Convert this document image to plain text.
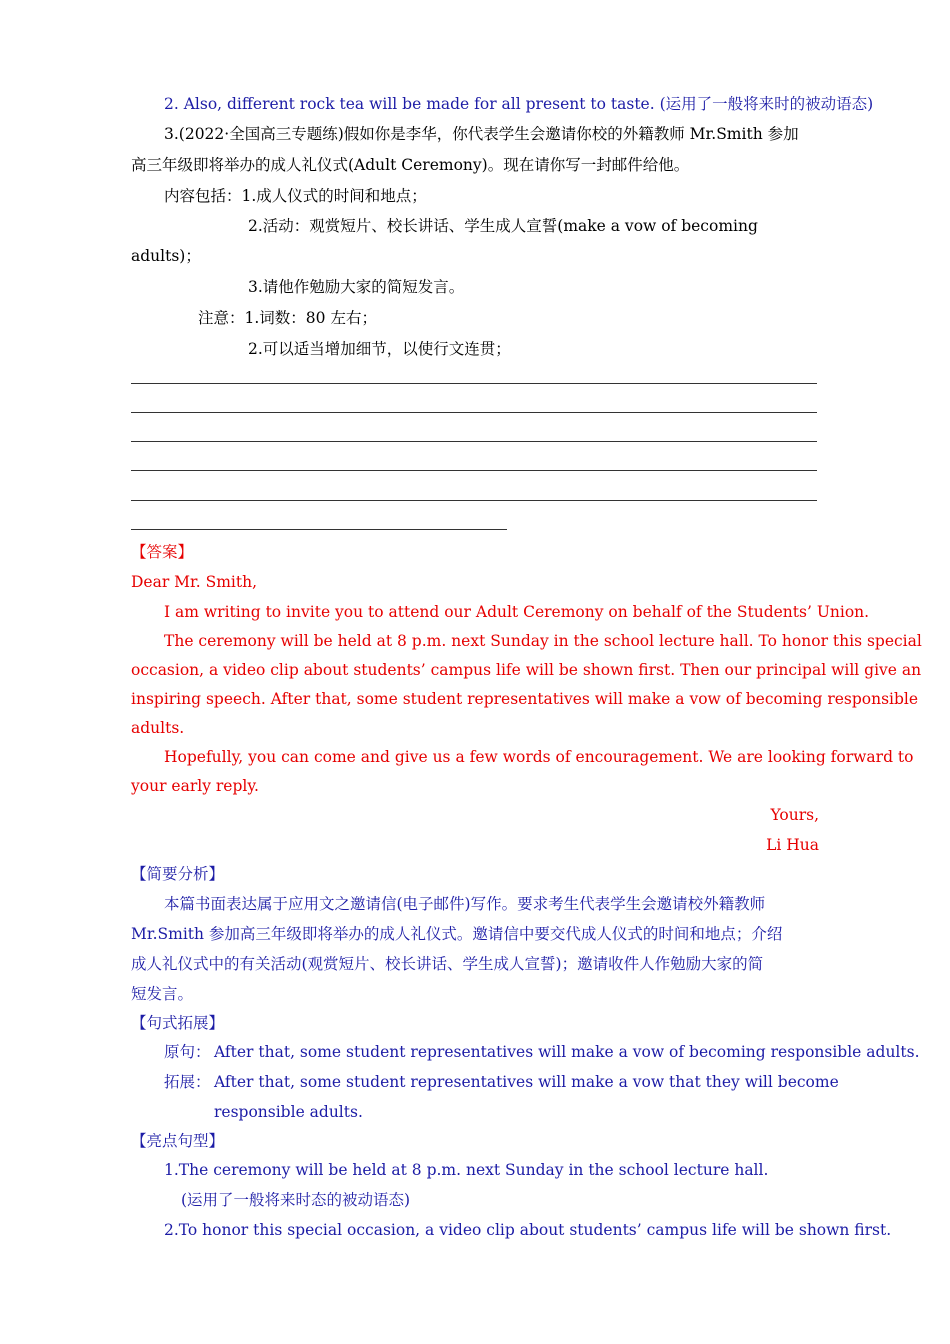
2. Also, different rock tea will be made for all present to taste. (运用了一般将来时的被动语态)
3.(2022·全国高三专题练)假如你是李华，你代表学生会邀请你校的外籍教师 Mr.Smith 参加
高三年级即将举办的成人礼仪式(Adult Ceremony)。现在请你写一封邮件给他。
内容包括：1.成人仪式的时间和地点；
2.活动：观赏短片、校长讲话、学生成人宣誓(make a vow of becoming
adults)；
3.请他作勉励大家的简短发言。
注意：1.词数：80 左右；
2.可以适当增加细节，以使行文连贯；
【答案】
Dear Mr. Smith,
I am writing to invite you to attend our Adult Ceremony on behalf of the Students’ Union.
The ceremony will be held at 8 p.m. next Sunday in the school lecture hall. To honor this special
occasion, a video clip about students’ campus life will be shown first. Then our principal will give an
inspiring speech. After that, some student representatives will make a vow of becoming responsible
adults.
Hopefully, you can come and give us a few words of encouragement. We are looking forward to
your early reply.
Yours,
Li Hua
【简要分析】
本篇书面表达属于应用文之邀请信(电子邮件)写作。要求考生代表学生会邀请校外籍教师
Mr.Smith 参加高三年级即将举办的成人礼仪式。邀请信中要交代成人仪式的时间和地点；介绍
成人礼仪式中的有关活动(观赏短片、校长讲话、学生成人宣誓)；邀请收件人作勉励大家的简
短发言。
【句式拓展】
原句： After that, some student representatives will make a vow of becoming responsible adults.
拓展： After that, some student representatives will make a vow that they will become
responsible adults.
【亮点句型】
1.The ceremony will be held at 8 p.m. next Sunday in the school lecture hall.
(运用了一般将来时态的被动语态)
2.To honor this special occasion, a video clip about students’ campus life will be shown first.
